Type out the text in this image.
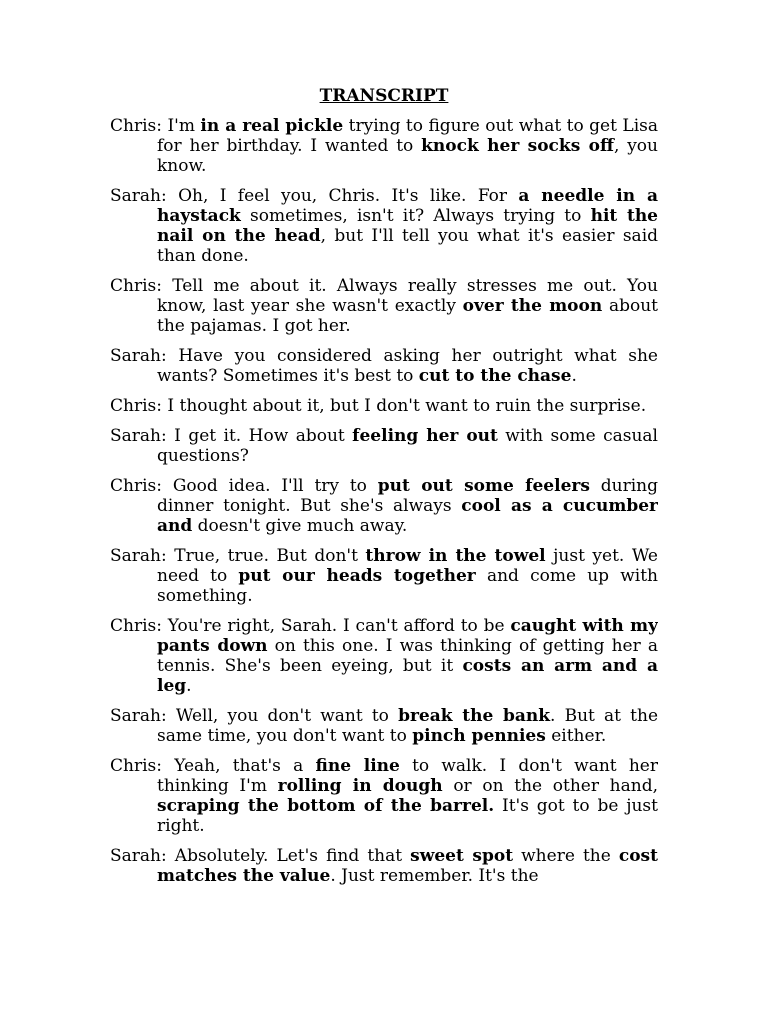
TRANSCRIPT

Chris: I'm in a real pickle trying to figure out what to get Lisa for her birthday. I wanted to knock her socks off, you know.

Sarah: Oh, I feel you, Chris. It's like. For a needle in a haystack sometimes, isn't it? Always trying to hit the nail on the head, but I'll tell you what it's easier said than done.

Chris: Tell me about it. Always really stresses me out. You know, last year she wasn't exactly over the moon about the pajamas. I got her.

Sarah: Have you considered asking her outright what she wants? Sometimes it's best to cut to the chase.

Chris: I thought about it, but I don't want to ruin the surprise.

Sarah: I get it. How about feeling her out with some casual questions?

Chris: Good idea. I'll try to put out some feelers during dinner tonight. But she's always cool as a cucumber and doesn't give much away.

Sarah: True, true. But don't throw in the towel just yet. We need to put our heads together and come up with something.

Chris: You're right, Sarah. I can't afford to be caught with my pants down on this one. I was thinking of getting her a tennis. She's been eyeing, but it costs an arm and a leg.

Sarah: Well, you don't want to break the bank. But at the same time, you don't want to pinch pennies either.

Chris: Yeah, that's a fine line to walk. I don't want her thinking I'm rolling in dough or on the other hand, scraping the bottom of the barrel. It's got to be just right.

Sarah: Absolutely. Let's find that sweet spot where the cost matches the value. Just remember. It's the
